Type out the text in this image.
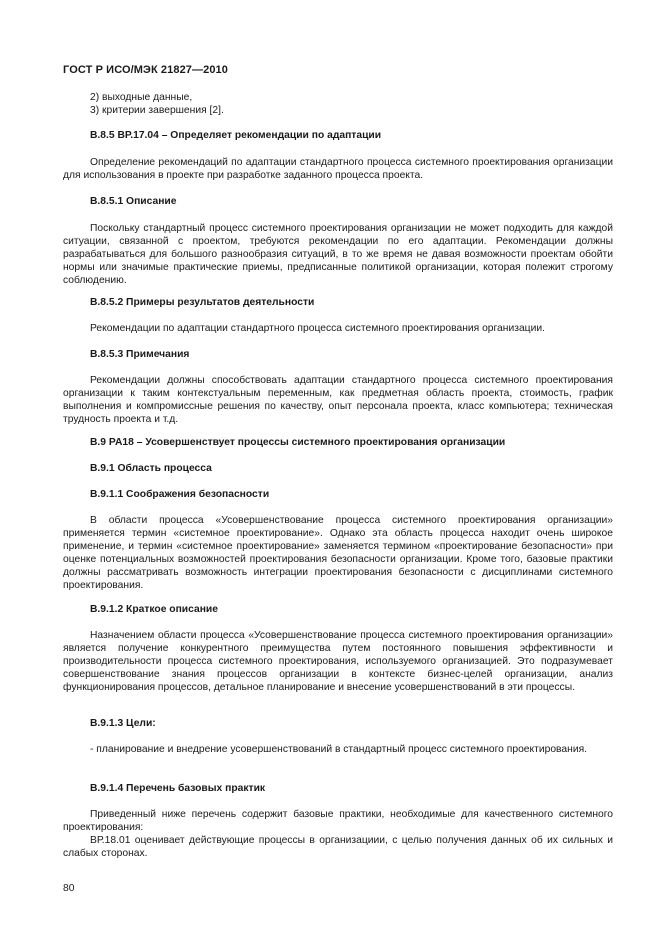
ГОСТ Р ИСО/МЭК 21827—2010
2) выходные данные,
3) критерии завершения [2].
В.8.5 ВР.17.04 – Определяет рекомендации по адаптации

Определение рекомендаций по адаптации стандартного процесса системного проектирования организации для использования в проекте при разработке заданного процесса проекта.

В.8.5.1 Описание

Поскольку стандартный процесс системного проектирования организации не может подходить для каждой ситуации, связанной с проектом, требуются рекомендации по его адаптации. Рекомендации должны разрабатываться для большого разнообразия ситуаций, в то же время не давая возможности проектам обойти нормы или значимые практические приемы, предписанные политикой организации, которая полежит строгому соблюдению.

В.8.5.2 Примеры результатов деятельности

Рекомендации по адаптации стандартного процесса системного проектирования организации.

В.8.5.3 Примечания

Рекомендации должны способствовать адаптации стандартного процесса системного проектирования организации к таким контекстуальным переменным, как предметная область проекта, стоимость, график выполнения и компромиссные решения по качеству, опыт персонала проекта, класс компьютера; техническая трудность проекта и т.д.

В.9 PA18 – Усовершенствует процессы системного проектирования организации
В.9.1 Область процесса
В.9.1.1 Соображения безопасности

В области процесса «Усовершенствование процесса системного проектирования организации» применяется термин «системное проектирование». Однако эта область процесса находит очень широкое применение, и термин «системное проектирование» заменяется термином «проектирование безопасности» при оценке потенциальных возможностей проектирования безопасности организации. Кроме того, базовые практики должны рассматривать возможность интеграции проектирования безопасности с дисциплинами системного проектирования.

В.9.1.2 Краткое описание

Назначением области процесса «Усовершенствование процесса системного проектирования организации» является получение конкурентного преимущества путем постоянного повышения эффективности и производительности процесса системного проектирования, используемого организацией. Это подразумевает совершенствование знания процессов организации в контексте бизнес-целей организации, анализ функционирования процессов, детальное планирование и внесение усовершенствований в эти процессы.

В.9.1.3 Цели:

- планирование и внедрение усовершенствований в стандартный процесс системного проектирования.

В.9.1.4 Перечень базовых практик

Приведенный ниже перечень содержит базовые практики, необходимые для качественного системного проектирования:

ВР.18.01 оценивает действующие процессы в организациии, с целью получения данных об их сильных и слабых сторонах.

80
